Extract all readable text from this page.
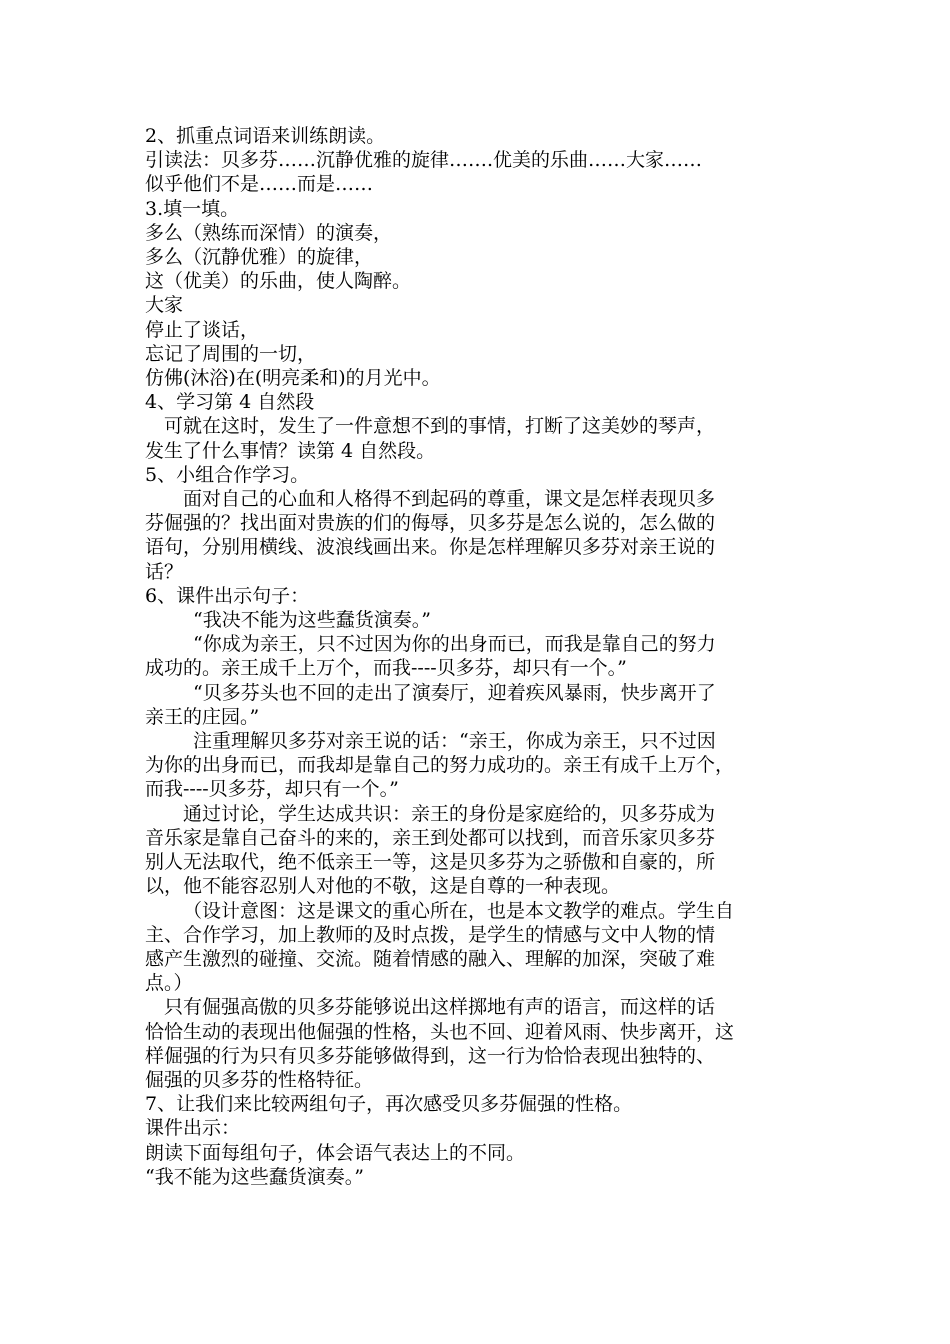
2、抓重点词语来训练朗读。

引读法：贝多芬……沉静优雅的旋律…….优美的乐曲……大家……

似乎他们不是……而是……

3.填一填。

多么（熟练而深情）的演奏，

多么（沉静优雅）的旋律，

这（优美）的乐曲，使人陶醉。

大家

停止了谈话，

忘记了周围的一切，

仿佛(沐浴)在(明亮柔和)的月光中。

4、学习第 4 自然段

可就在这时，发生了一件意想不到的事情，打断了这美妙的琴声，

发生了什么事情？读第 4 自然段。

5、小组合作学习。

面对自己的心血和人格得不到起码的尊重，课文是怎样表现贝多

芬倔强的？找出面对贵族的们的侮辱，贝多芬是怎么说的，怎么做的

语句，分别用横线、波浪线画出来。你是怎样理解贝多芬对亲王说的

话？

6、课件出示句子：

“我决不能为这些蠢货演奏。”

“你成为亲王，只不过因为你的出身而已，而我是靠自己的努力

成功的。亲王成千上万个，而我----贝多芬，却只有一个。”

“贝多芬头也不回的走出了演奏厅，迎着疾风暴雨，快步离开了

亲王的庄园。”

注重理解贝多芬对亲王说的话：“亲王，你成为亲王，只不过因

为你的出身而已，而我却是靠自己的努力成功的。亲王有成千上万个，

而我----贝多芬，却只有一个。”

通过讨论，学生达成共识：亲王的身份是家庭给的，贝多芬成为

音乐家是靠自己奋斗的来的，亲王到处都可以找到，而音乐家贝多芬

别人无法取代，绝不低亲王一等，这是贝多芬为之骄傲和自豪的，所

以，他不能容忍别人对他的不敬，这是自尊的一种表现。

（设计意图：这是课文的重心所在，也是本文教学的难点。学生自

主、合作学习，加上教师的及时点拨，是学生的情感与文中人物的情

感产生激烈的碰撞、交流。随着情感的融入、理解的加深，突破了难

点。）

只有倔强高傲的贝多芬能够说出这样掷地有声的语言，而这样的话

恰恰生动的表现出他倔强的性格，头也不回、迎着风雨、快步离开，这

样倔强的行为只有贝多芬能够做得到，这一行为恰恰表现出独特的、

倔强的贝多芬的性格特征。

7、让我们来比较两组句子，再次感受贝多芬倔强的性格。

课件出示：

朗读下面每组句子，体会语气表达上的不同。

“我不能为这些蠢货演奏。”
